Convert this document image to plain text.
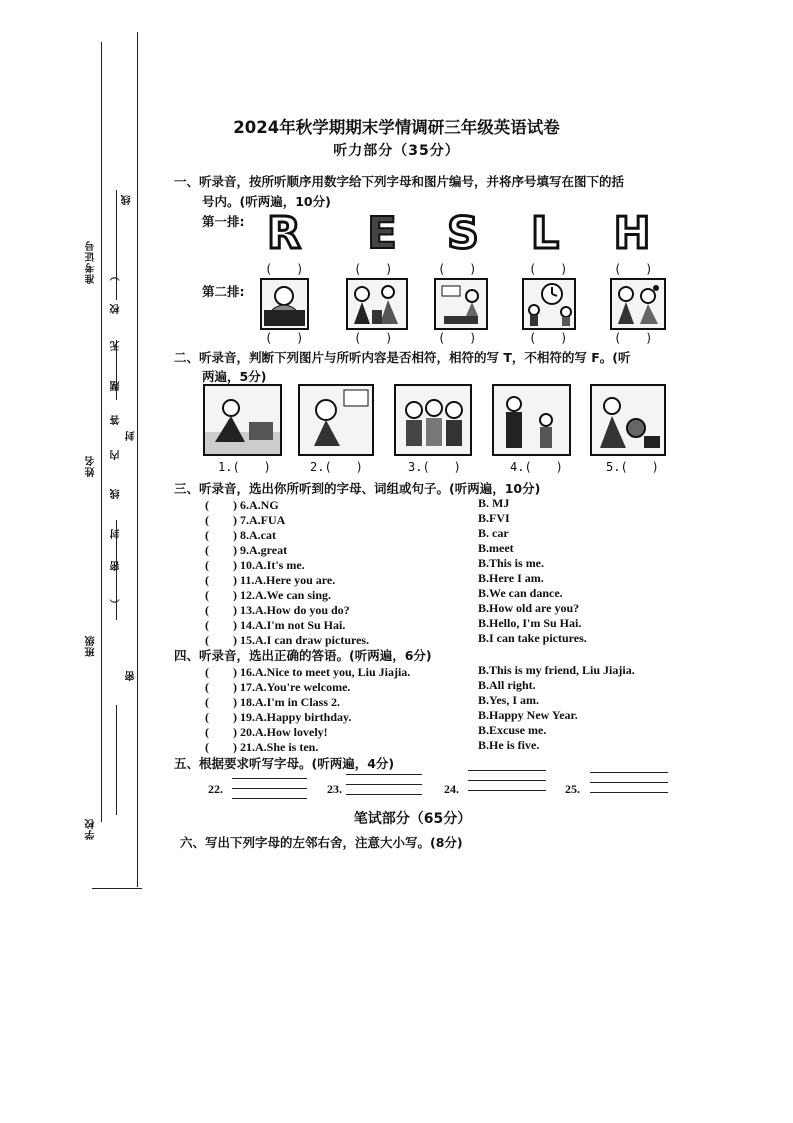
准考证号 ）
线
校
答
内
封
线
姓名
班级
密
学校
2024年秋学期期末学情调研三年级英语试卷
听力部分（35分）
一、听录音，按所听顺序用数字给下列字母和图片编号，并将序号填写在图下的括
号内。(听两遍，10分)
第一排:
第二排:
R E S L H
(　　)	(　　)	(　　)	(　　)	(　　)
(　　)	(　　)	(　　)	(　　)	(　　)
二、听录音，判断下列图片与所听内容是否相符，相符的写 T，不相符的写 F。(听
两遍，5分)
1.(　　)	2.(　　)	3.(　　)	4.(　　)	5.(　　)
三、听录音，选出你所听到的字母、词组或句子。(听两遍，10分)
(　　) 6.A.NG	B. MJ
(　　) 7.A.FUA	B.FVI
(　　) 8.A.cat	B. car
(　　) 9.A.great	B.meet
(　　) 10.A.It's me.	B.This is me.
(　　) 11.A.Here you are.	B.Here I am.
(　　) 12.A.We can sing.	B.We can dance.
(　　) 13.A.How do you do?	B.How old are you?
(　　) 14.A.I'm not Su Hai.	B.Hello, I'm Su Hai.
(　　) 15.A.I can draw pictures.	B.I can take pictures.
四、听录音，选出正确的答语。(听两遍，6分)
(　　) 16.A.Nice to meet you, Liu Jiajia.	B.This is my friend, Liu Jiajia.
(　　) 17.A.You're welcome.	B.All right.
(　　) 18.A.I'm in Class 2.	B.Yes, I am.
(　　) 19.A.Happy birthday.	B.Happy New Year.
(　　) 20.A.How lovely!	B.Excuse me.
(　　) 21.A.She is ten.	B.He is five.
五、根据要求听写字母。(听两遍，4分)
22.	23.	24.	25.
笔试部分（65分）
六、写出下列字母的左邻右舍，注意大小写。(8分)
